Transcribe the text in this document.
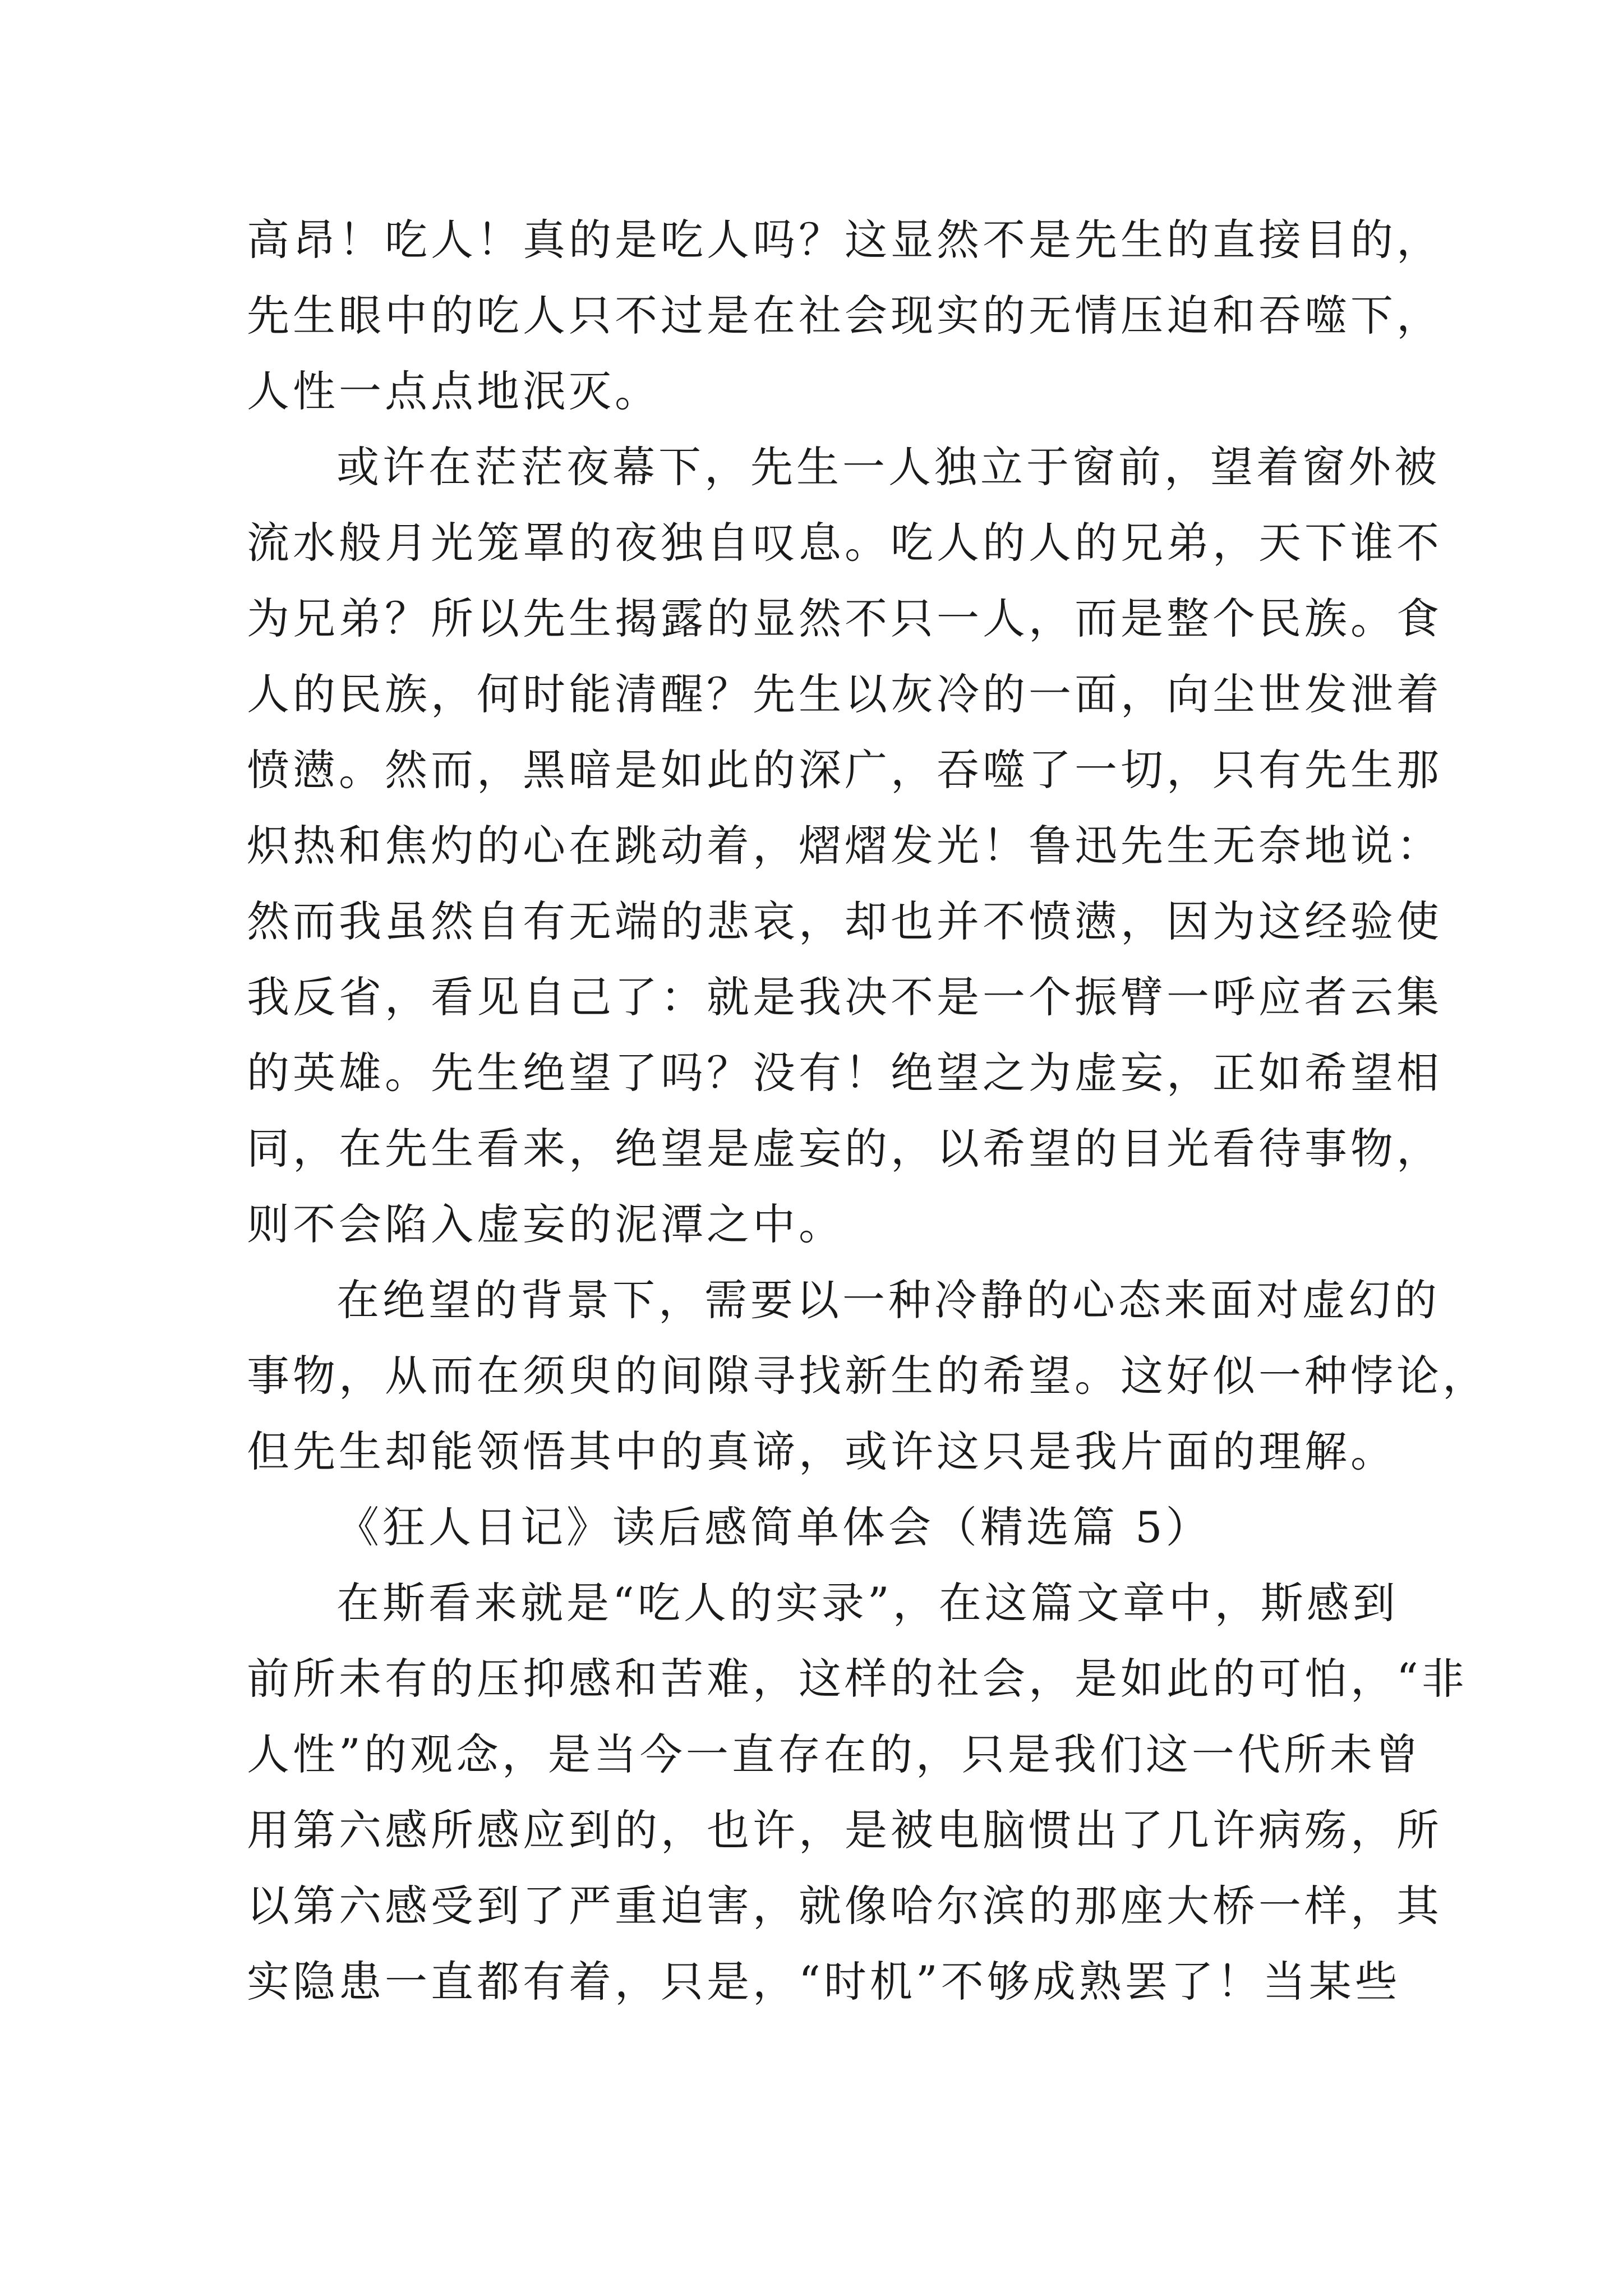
高昂！吃人！真的是吃人吗？这显然不是先生的直接目的，
先生眼中的吃人只不过是在社会现实的无情压迫和吞噬下，
人性一点点地泯灭。
或许在茫茫夜幕下，先生一人独立于窗前，望着窗外被
流水般月光笼罩的夜独自叹息。吃人的人的兄弟，天下谁不
为兄弟？所以先生揭露的显然不只一人，而是整个民族。食
人的民族，何时能清醒？先生以灰冷的一面，向尘世发泄着
愤懑。然而，黑暗是如此的深广，吞噬了一切，只有先生那
炽热和焦灼的心在跳动着，熠熠发光！鲁迅先生无奈地说：
然而我虽然自有无端的悲哀，却也并不愤懑，因为这经验使
我反省，看见自己了：就是我决不是一个振臂一呼应者云集
的英雄。先生绝望了吗？没有！绝望之为虚妄，正如希望相
同，在先生看来，绝望是虚妄的，以希望的目光看待事物，
则不会陷入虚妄的泥潭之中。
在绝望的背景下，需要以一种冷静的心态来面对虚幻的
事物，从而在须臾的间隙寻找新生的希望。这好似一种悖论，
但先生却能领悟其中的真谛，或许这只是我片面的理解。
《狂人日记》读后感简单体会（精选篇 5）
在斯看来就是“吃人的实录”，在这篇文章中，斯感到
前所未有的压抑感和苦难，这样的社会，是如此的可怕，“非
人性”的观念，是当今一直存在的，只是我们这一代所未曾
用第六感所感应到的，也许，是被电脑惯出了几许病殇，所
以第六感受到了严重迫害，就像哈尔滨的那座大桥一样，其
实隐患一直都有着，只是，“时机”不够成熟罢了！当某些
